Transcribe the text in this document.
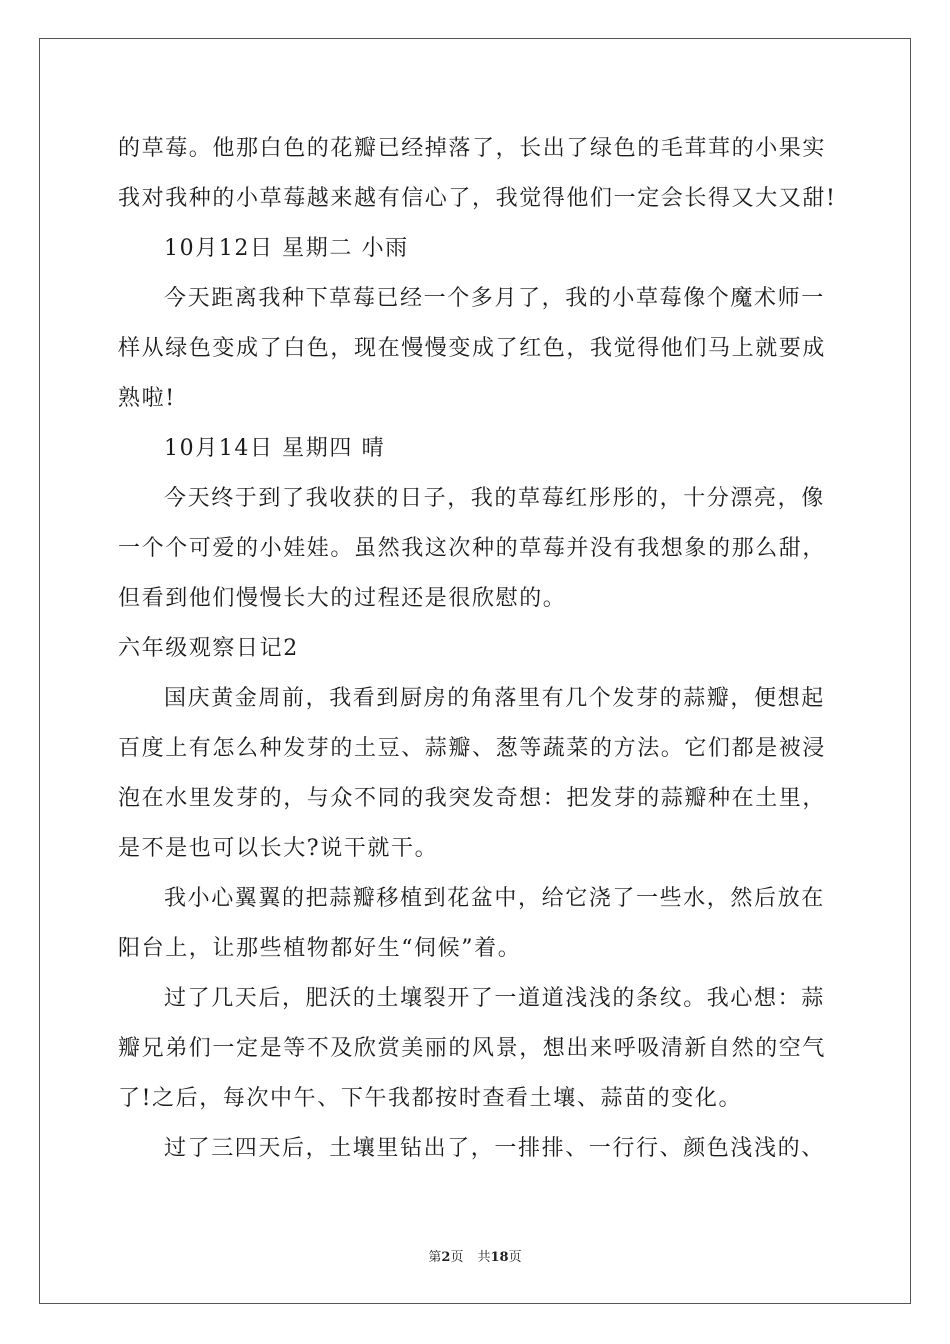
的草莓。他那白色的花瓣已经掉落了，长出了绿色的毛茸茸的小果实
我对我种的小草莓越来越有信心了，我觉得他们一定会长得又大又甜!
10月12日 星期二 小雨
今天距离我种下草莓已经一个多月了，我的小草莓像个魔术师一
样从绿色变成了白色，现在慢慢变成了红色，我觉得他们马上就要成
熟啦!
10月14日 星期四 晴
今天终于到了我收获的日子，我的草莓红彤彤的，十分漂亮，像
一个个可爱的小娃娃。虽然我这次种的草莓并没有我想象的那么甜，
但看到他们慢慢长大的过程还是很欣慰的。
六年级观察日记2
国庆黄金周前，我看到厨房的角落里有几个发芽的蒜瓣，便想起
百度上有怎么种发芽的土豆、蒜瓣、葱等蔬菜的方法。它们都是被浸
泡在水里发芽的，与众不同的我突发奇想：把发芽的蒜瓣种在土里，
是不是也可以长大?说干就干。
我小心翼翼的把蒜瓣移植到花盆中，给它浇了一些水，然后放在
阳台上，让那些植物都好生“伺候”着。
过了几天后，肥沃的土壤裂开了一道道浅浅的条纹。我心想：蒜
瓣兄弟们一定是等不及欣赏美丽的风景，想出来呼吸清新自然的空气
了!之后，每次中午、下午我都按时查看土壤、蒜苗的变化。
过了三四天后，土壤里钻出了，一排排、一行行、颜色浅浅的、
第2页 共18页
